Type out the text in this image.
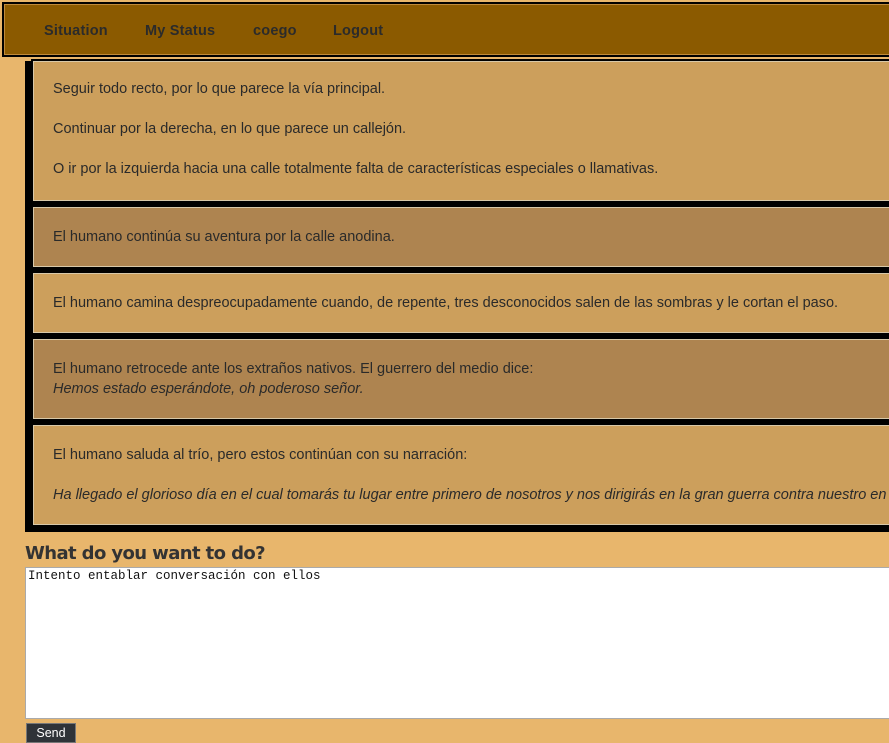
Situation	My Status	coego	Logout

Seguir todo recto, por lo que parece la vía principal.

Continuar por la derecha, en lo que parece un callejón.

O ir por la izquierda hacia una calle totalmente falta de características especiales o llamativas.

El humano continúa su aventura por la calle anodina.

El humano camina despreocupadamente cuando, de repente, tres desconocidos salen de las sombras y le cortan el paso.

El humano retrocede ante los extraños nativos. El guerrero del medio dice:

Hemos estado esperándote, oh poderoso señor.

El humano saluda al trío, pero estos continúan con su narración:

Ha llegado el glorioso día en el cual tomarás tu lugar entre primero de nosotros y nos dirigirás en la gran guerra contra nuestro en

What do you want to do?
Intento entablar conversación con ellos
Send
